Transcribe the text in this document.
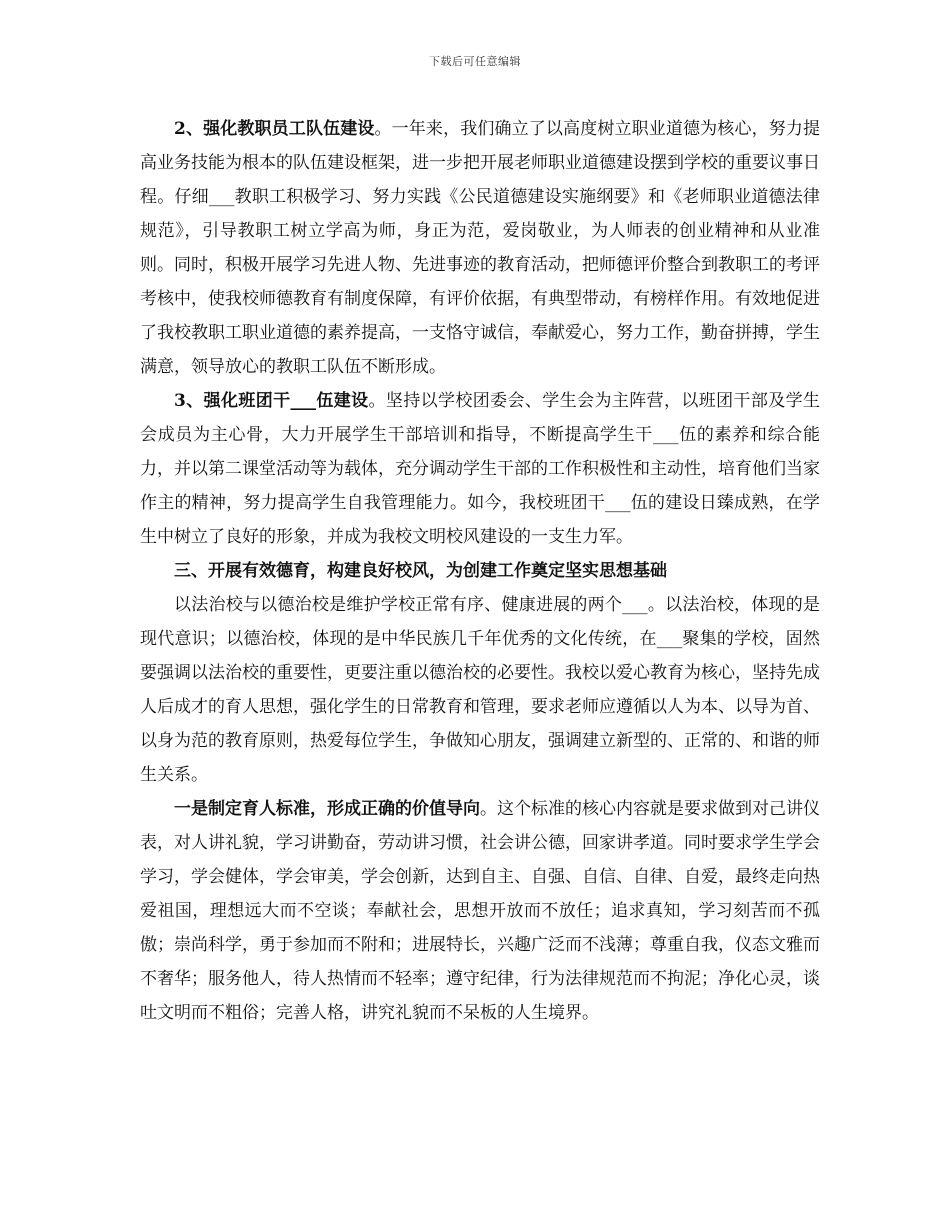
下载后可任意编辑

2、强化教职员工队伍建设。一年来，我们确立了以高度树立职业道德为核心，努力提高业务技能为根本的队伍建设框架，进一步把开展老师职业道德建设摆到学校的重要议事日程。仔细___教职工积极学习、努力实践《公民道德建设实施纲要》和《老师职业道德法律规范》，引导教职工树立学高为师，身正为范，爱岗敬业，为人师表的创业精神和从业准则。同时，积极开展学习先进人物、先进事迹的教育活动，把师德评价整合到教职工的考评考核中，使我校师德教育有制度保障，有评价依据，有典型带动，有榜样作用。有效地促进了我校教职工职业道德的素养提高，一支恪守诚信，奉献爱心，努力工作，勤奋拼搏，学生满意，领导放心的教职工队伍不断形成。

3、强化班团干___伍建设。坚持以学校团委会、学生会为主阵营，以班团干部及学生会成员为主心骨，大力开展学生干部培训和指导，不断提高学生干___伍的素养和综合能力，并以第二课堂活动等为载体，充分调动学生干部的工作积极性和主动性，培育他们当家作主的精神，努力提高学生自我管理能力。如今，我校班团干___伍的建设日臻成熟，在学生中树立了良好的形象，并成为我校文明校风建设的一支生力军。

三、开展有效德育，构建良好校风，为创建工作奠定坚实思想基础

以法治校与以德治校是维护学校正常有序、健康进展的两个___。以法治校，体现的是现代意识；以德治校，体现的是中华民族几千年优秀的文化传统，在___聚集的学校，固然要强调以法治校的重要性，更要注重以德治校的必要性。我校以爱心教育为核心，坚持先成人后成才的育人思想，强化学生的日常教育和管理，要求老师应遵循以人为本、以导为首、以身为范的教育原则，热爱每位学生，争做知心朋友，强调建立新型的、正常的、和谐的师生关系。

一是制定育人标准，形成正确的价值导向。这个标准的核心内容就是要求做到对己讲仪表，对人讲礼貌，学习讲勤奋，劳动讲习惯，社会讲公德，回家讲孝道。同时要求学生学会学习，学会健体，学会审美，学会创新，达到自主、自强、自信、自律、自爱，最终走向热爱祖国，理想远大而不空谈；奉献社会，思想开放而不放任；追求真知，学习刻苦而不孤傲；崇尚科学，勇于参加而不附和；进展特长，兴趣广泛而不浅薄；尊重自我，仪态文雅而不奢华；服务他人，待人热情而不轻率；遵守纪律，行为法律规范而不拘泥；净化心灵，谈吐文明而不粗俗；完善人格，讲究礼貌而不呆板的人生境界。
